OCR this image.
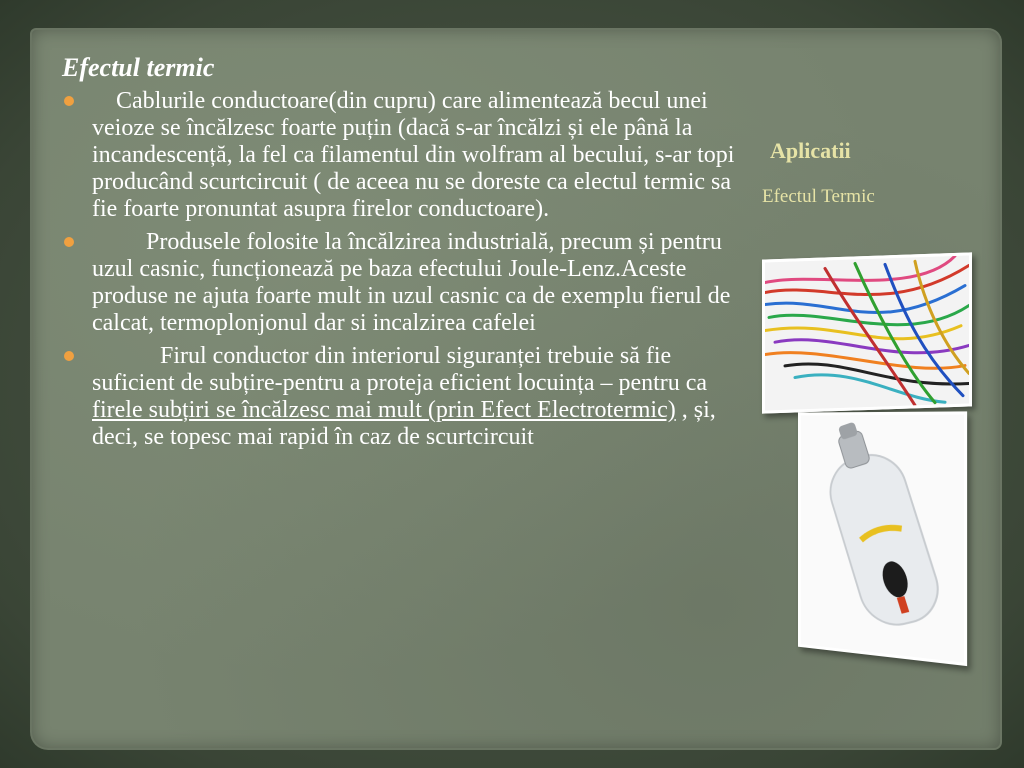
Efectul termic
Cablurile conductoare(din cupru) care alimentează becul unei veioze se încălzesc foarte puțin (dacă s-ar încălzi și ele până la incandescență, la fel ca filamentul din wolfram al becului, s-ar topi producând scurtcircuit ( de aceea nu se doreste ca electul termic sa fie foarte pronuntat asupra firelor conductoare).
Produsele folosite la încălzirea industrială, precum și pentru uzul casnic, funcționează pe baza efectului Joule-Lenz.Aceste produse ne ajuta foarte mult in uzul casnic ca de exemplu fierul de calcat, termoplonjonul dar si incalzirea cafelei
Firul conductor din interiorul siguranței trebuie să fie suficient de subțire-pentru a proteja eficient locuința – pentru ca firele subțiri se încălzesc mai mult (prin Efect Electrotermic) , și, deci, se topesc mai rapid în caz de scurtcircuit
Aplicatii
Efectul Termic
